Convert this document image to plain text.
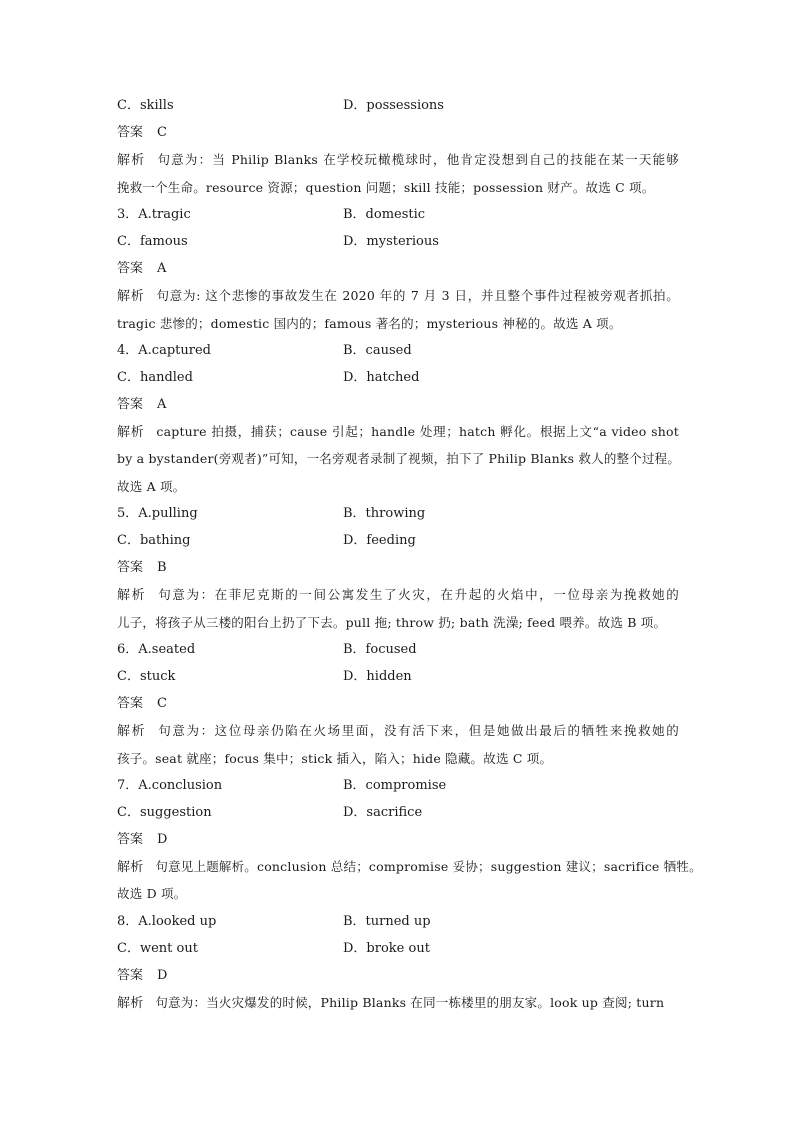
C．skills	D．possessions
答案 C
解析 句意为：当 Philip Blanks 在学校玩橄榄球时，他肯定没想到自己的技能在某一天能够
挽救一个生命。resource 资源；question 问题；skill 技能；possession 财产。故选 C 项。
3．A.tragic	B．domestic
C．famous	D．mysterious
答案 A
解析 句意为: 这个悲惨的事故发生在 2020 年的 7 月 3 日，并且整个事件过程被旁观者抓拍。
tragic 悲惨的；domestic 国内的；famous 著名的；mysterious 神秘的。故选 A 项。
4．A.captured	B．caused
C．handled	D．hatched
答案 A
解析 capture 拍摄，捕获；cause 引起；handle 处理；hatch 孵化。根据上文“a video shot
by a bystander(旁观者)”可知，一名旁观者录制了视频，拍下了 Philip Blanks 救人的整个过程。
故选 A 项。
5．A.pulling	B．throwing
C．bathing	D．feeding
答案 B
解析 句意为：在菲尼克斯的一间公寓发生了火灾，在升起的火焰中，一位母亲为挽救她的
儿子，将孩子从三楼的阳台上扔了下去。pull 拖; throw 扔; bath 洗澡; feed 喂养。故选 B 项。
6．A.seated	B．focused
C．stuck	D．hidden
答案 C
解析 句意为：这位母亲仍陷在火场里面，没有活下来，但是她做出最后的牺牲来挽救她的
孩子。seat 就座；focus 集中；stick 插入，陷入；hide 隐藏。故选 C 项。
7．A.conclusion	B．compromise
C．suggestion	D．sacrifice
答案 D
解析 句意见上题解析。conclusion 总结；compromise 妥协；suggestion 建议；sacrifice 牺牲。
故选 D 项。
8．A.looked up	B．turned up
C．went out	D．broke out
答案 D
解析 句意为：当火灾爆发的时候，Philip Blanks 在同一栋楼里的朋友家。look up 查阅; turn
